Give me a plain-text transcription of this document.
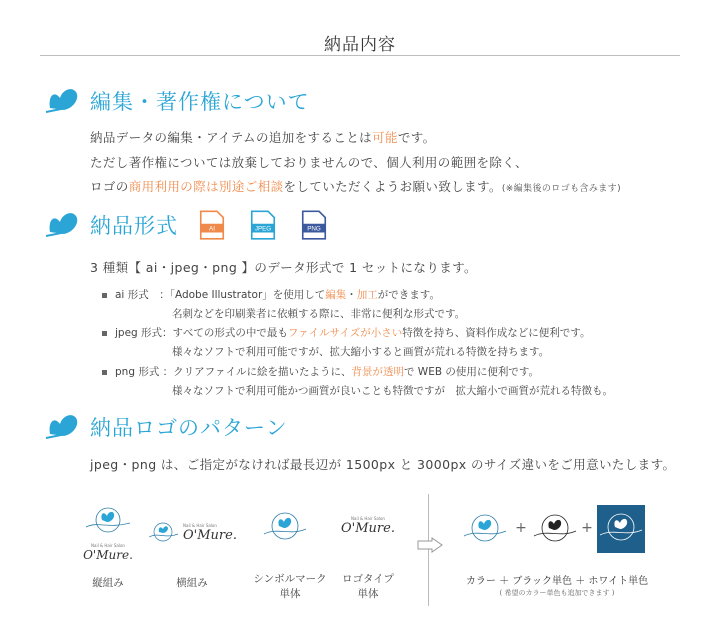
納品内容
編集・著作権について
納品データの編集・アイテムの追加をすることは可能です。
ただし著作権については放棄しておりませんので、個人利用の範囲を除く、
ロゴの商用利用の際は別途ご相談をしていただくようお願い致します。(※編集後のロゴも含みます)
納品形式	AI
	JPEG
	PNG
3 種類【 ai・jpeg・png 】のデータ形式で 1 セットになります。
ai 形式　：「Adobe Illustrator」を使用して編集・加工ができます。
名刺などを印刷業者に依頼する際に、非常に便利な形式です。
jpeg 形式：すべての形式の中で最もファイルサイズが小さい特徴を持ち、資料作成などに便利です。
様々なソフトで利用可能ですが、拡大縮小すると画質が荒れる特徴を持ちます。
png 形式 ：クリアファイルに絵を描いたように、背景が透明で WEB の使用に便利です。
様々なソフトで利用可能かつ画質が良いことも特徴ですが　拡大縮小で画質が荒れる特徴も。
納品ロゴのパターン
jpeg・png は、ご指定がなければ最長辺が 1500px と 3000px のサイズ違いをご用意いたします。
Nail & Hair Salon
O'Mure.
Nail & Hair Salon
O'Mure.
Nail & Hair Salon
O'Mure.
縦組み	横組み	シンボルマーク
単体
ロゴタイプ
単体
+	+
カラー ＋ ブラック単色 ＋ ホワイト単色
( 希望のカラー単色も追加できます )
